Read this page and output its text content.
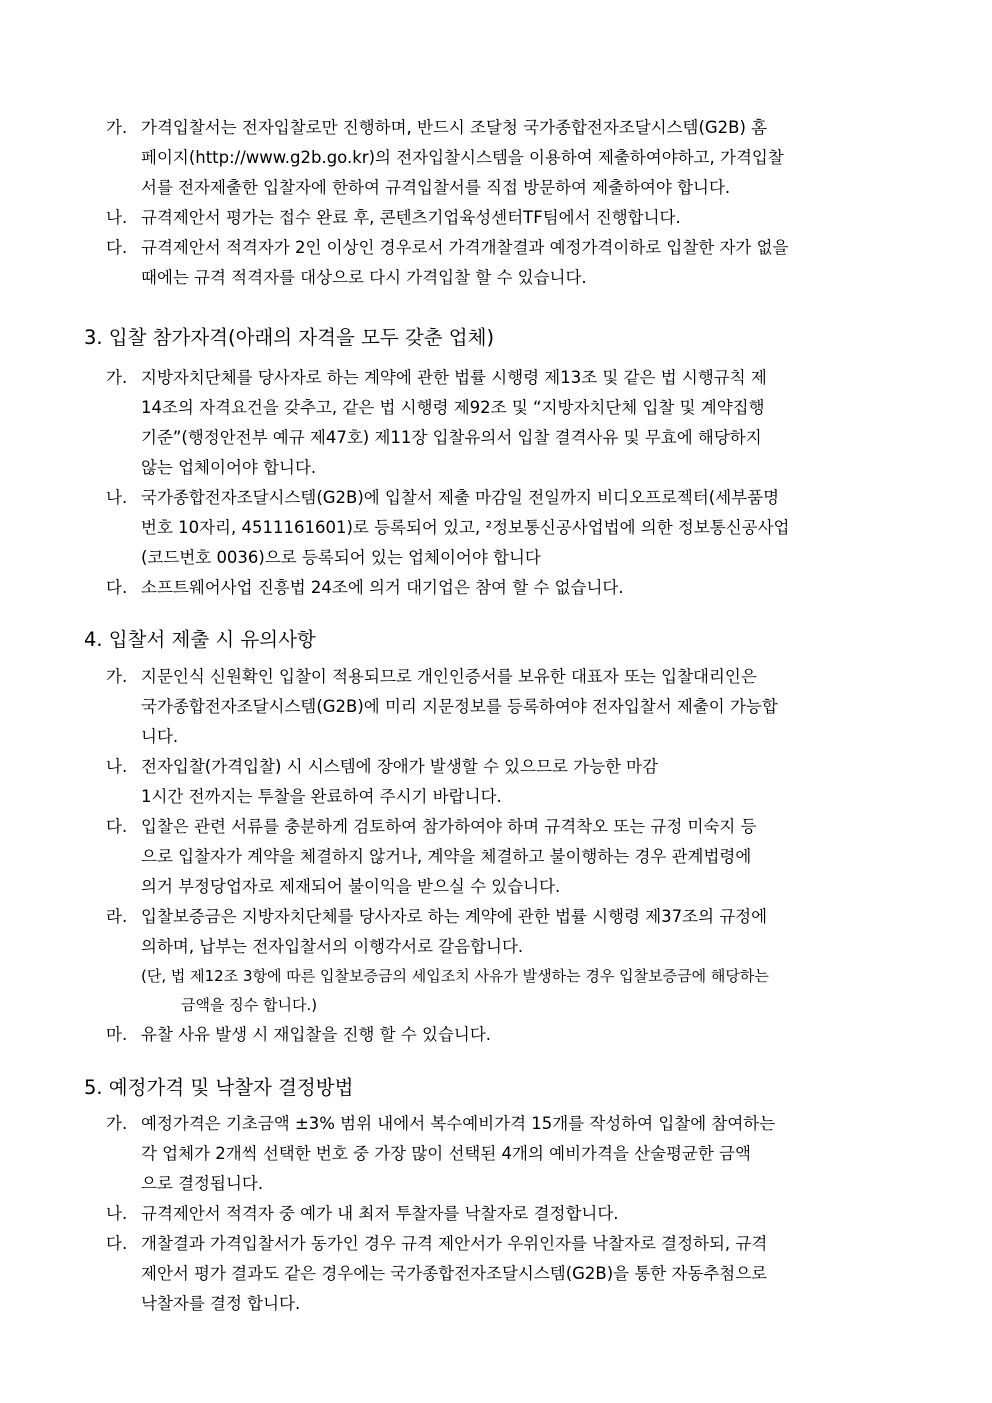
가. 가격입찰서는 전자입찰로만 진행하며, 반드시 조달청 국가종합전자조달시스템(G2B) 홈
페이지(http://www.g2b.go.kr)의 전자입찰시스템을 이용하여 제출하여야하고, 가격입찰
서를 전자제출한 입찰자에 한하여 규격입찰서를 직접 방문하여 제출하여야 합니다.
나. 규격제안서 평가는 접수 완료 후, 콘텐츠기업육성센터TF팀에서 진행합니다.
다. 규격제안서 적격자가 2인 이상인 경우로서 가격개찰결과 예정가격이하로 입찰한 자가 없을
때에는 규격 적격자를 대상으로 다시 가격입찰 할 수 있습니다.
3. 입찰 참가자격(아래의 자격을 모두 갖춘 업체)
가. 지방자치단체를 당사자로 하는 계약에 관한 법률 시행령 제13조 및 같은 법 시행규칙 제
14조의 자격요건을 갖추고, 같은 법 시행령 제92조 및 “지방자치단체 입찰 및 계약집행
기준”(행정안전부 예규 제47호) 제11장 입찰유의서 입찰 결격사유 및 무효에 해당하지
않는 업체이어야 합니다.
나. 국가종합전자조달시스템(G2B)에 입찰서 제출 마감일 전일까지 비디오프로젝터(세부품명
번호 10자리, 4511161601)로 등록되어 있고, ²정보통신공사업법에 의한 정보통신공사업
(코드번호 0036)으로 등록되어 있는 업체이어야 합니다
다. 소프트웨어사업 진흥법 24조에 의거 대기업은 참여 할 수 없습니다.
4. 입찰서 제출 시 유의사항
가. 지문인식 신원확인 입찰이 적용되므로 개인인증서를 보유한 대표자 또는 입찰대리인은
국가종합전자조달시스템(G2B)에 미리 지문정보를 등록하여야 전자입찰서 제출이 가능합
니다.
나. 전자입찰(가격입찰) 시 시스템에 장애가 발생할 수 있으므로 가능한 마감
1시간 전까지는 투찰을 완료하여 주시기 바랍니다.
다. 입찰은 관련 서류를 충분하게 검토하여 참가하여야 하며 규격착오 또는 규정 미숙지 등
으로 입찰자가 계약을 체결하지 않거나, 계약을 체결하고 불이행하는 경우 관계법령에
의거 부정당업자로 제재되어 불이익을 받으실 수 있습니다.
라. 입찰보증금은 지방자치단체를 당사자로 하는 계약에 관한 법률 시행령 제37조의 규정에
의하며, 납부는 전자입찰서의 이행각서로 갈음합니다.
(단, 법 제12조 3항에 따른 입찰보증금의 세입조치 사유가 발생하는 경우 입찰보증금에 해당하는
금액을 징수 합니다.)
마. 유찰 사유 발생 시 재입찰을 진행 할 수 있습니다.
5. 예정가격 및 낙찰자 결정방법
가. 예정가격은 기초금액 ±3% 범위 내에서 복수예비가격 15개를 작성하여 입찰에 참여하는
각 업체가 2개씩 선택한 번호 중 가장 많이 선택된 4개의 예비가격을 산술평균한 금액
으로 결정됩니다.
나. 규격제안서 적격자 중 예가 내 최저 투찰자를 낙찰자로 결정합니다.
다. 개찰결과 가격입찰서가 동가인 경우 규격 제안서가 우위인자를 낙찰자로 결정하되, 규격
제안서 평가 결과도 같은 경우에는 국가종합전자조달시스템(G2B)을 통한 자동추첨으로
낙찰자를 결정 합니다.
